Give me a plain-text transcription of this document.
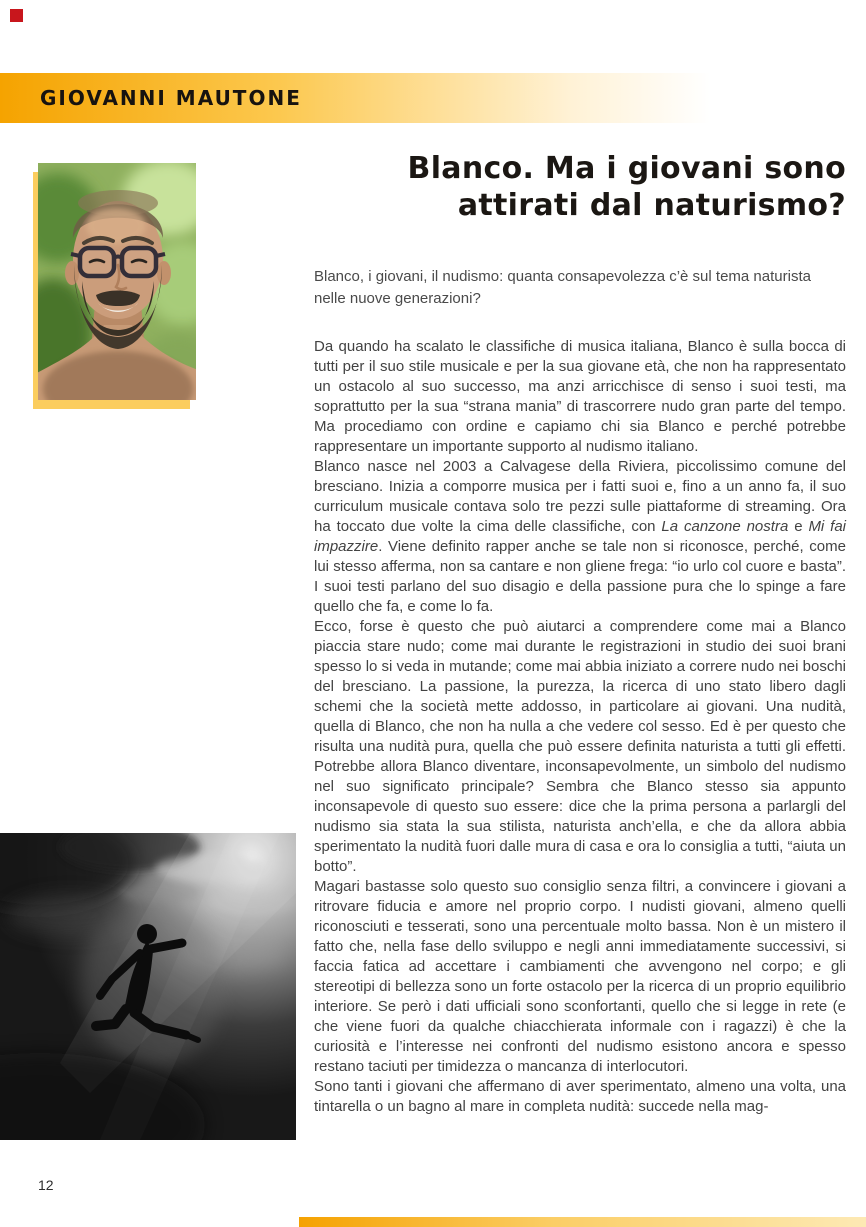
GIOVANNI MAUTONE
Blanco. Ma i giovani sono
attirati dal naturismo?
Blanco, i giovani, il nudismo: quanta consapevolezza c’è sul tema naturista nelle nuove generazioni?

Da quando ha scalato le classifiche di musica italiana, Blanco è sulla bocca di tutti per il suo stile musicale e per la sua giovane età, che non ha rappresentato un ostacolo al suo successo, ma anzi arricchisce di senso i suoi testi, ma soprattutto per la sua “strana mania” di trascorrere nudo gran parte del tempo. Ma procediamo con ordine e capiamo chi sia Blanco e perché potrebbe rappresentare un importante supporto al nudismo italiano.

Blanco nasce nel 2003 a Calvagese della Riviera, piccolissimo comune del bresciano. Inizia a comporre musica per i fatti suoi e, fino a un anno fa, il suo curriculum musicale contava solo tre pezzi sulle piattaforme di streaming. Ora ha toccato due volte la cima delle classifiche, con La canzone nostra e Mi fai impazzire. Viene definito rapper anche se tale non si riconosce, perché, come lui stesso afferma, non sa cantare e non gliene frega: “io urlo col cuore e basta”. I suoi testi parlano del suo disagio e della passione pura che lo spinge a fare quello che fa, e come lo fa.

Ecco, forse è questo che può aiutarci a comprendere come mai a Blanco piaccia stare nudo; come mai durante le registrazioni in studio dei suoi brani spesso lo si veda in mutande; come mai abbia iniziato a correre nudo nei boschi del bresciano. La passione, la purezza, la ricerca di uno stato libero dagli schemi che la società mette addosso, in particolare ai giovani. Una nudità, quella di Blanco, che non ha nulla a che vedere col sesso. Ed è per questo che risulta una nudità pura, quella che può essere definita naturista a tutti gli effetti. Potrebbe allora Blanco diventare, inconsapevolmente, un simbolo del nudismo nel suo significato principale? Sembra che Blanco stesso sia appunto inconsapevole di questo suo essere: dice che la prima persona a parlargli del nudismo sia stata la sua stilista, naturista anch’ella, e che da allora abbia sperimentato la nudità fuori dalle mura di casa e ora lo consiglia a tutti, “aiuta un botto”.

Magari bastasse solo questo suo consiglio senza filtri, a convincere i giovani a ritrovare fiducia e amore nel proprio corpo. I nudisti giovani, almeno quelli riconosciuti e tesserati, sono una percentuale molto bassa. Non è un mistero il fatto che, nella fase dello sviluppo e negli anni immediatamente successivi, si faccia fatica ad accettare i cambiamenti che avvengono nel corpo; e gli stereotipi di bellezza sono un forte ostacolo per la ricerca di un proprio equilibrio interiore. Se però i dati ufficiali sono sconfortanti, quello che si legge in rete (e che viene fuori da qualche chiacchierata informale con i ragazzi) è che la curiosità e l’interesse nei confronti del nudismo esistono ancora e spesso restano taciuti per timidezza o mancanza di interlocutori.

Sono tanti i giovani che affermano di aver sperimentato, almeno una volta, una tintarella o un bagno al mare in completa nudità: succede nella mag-

12
